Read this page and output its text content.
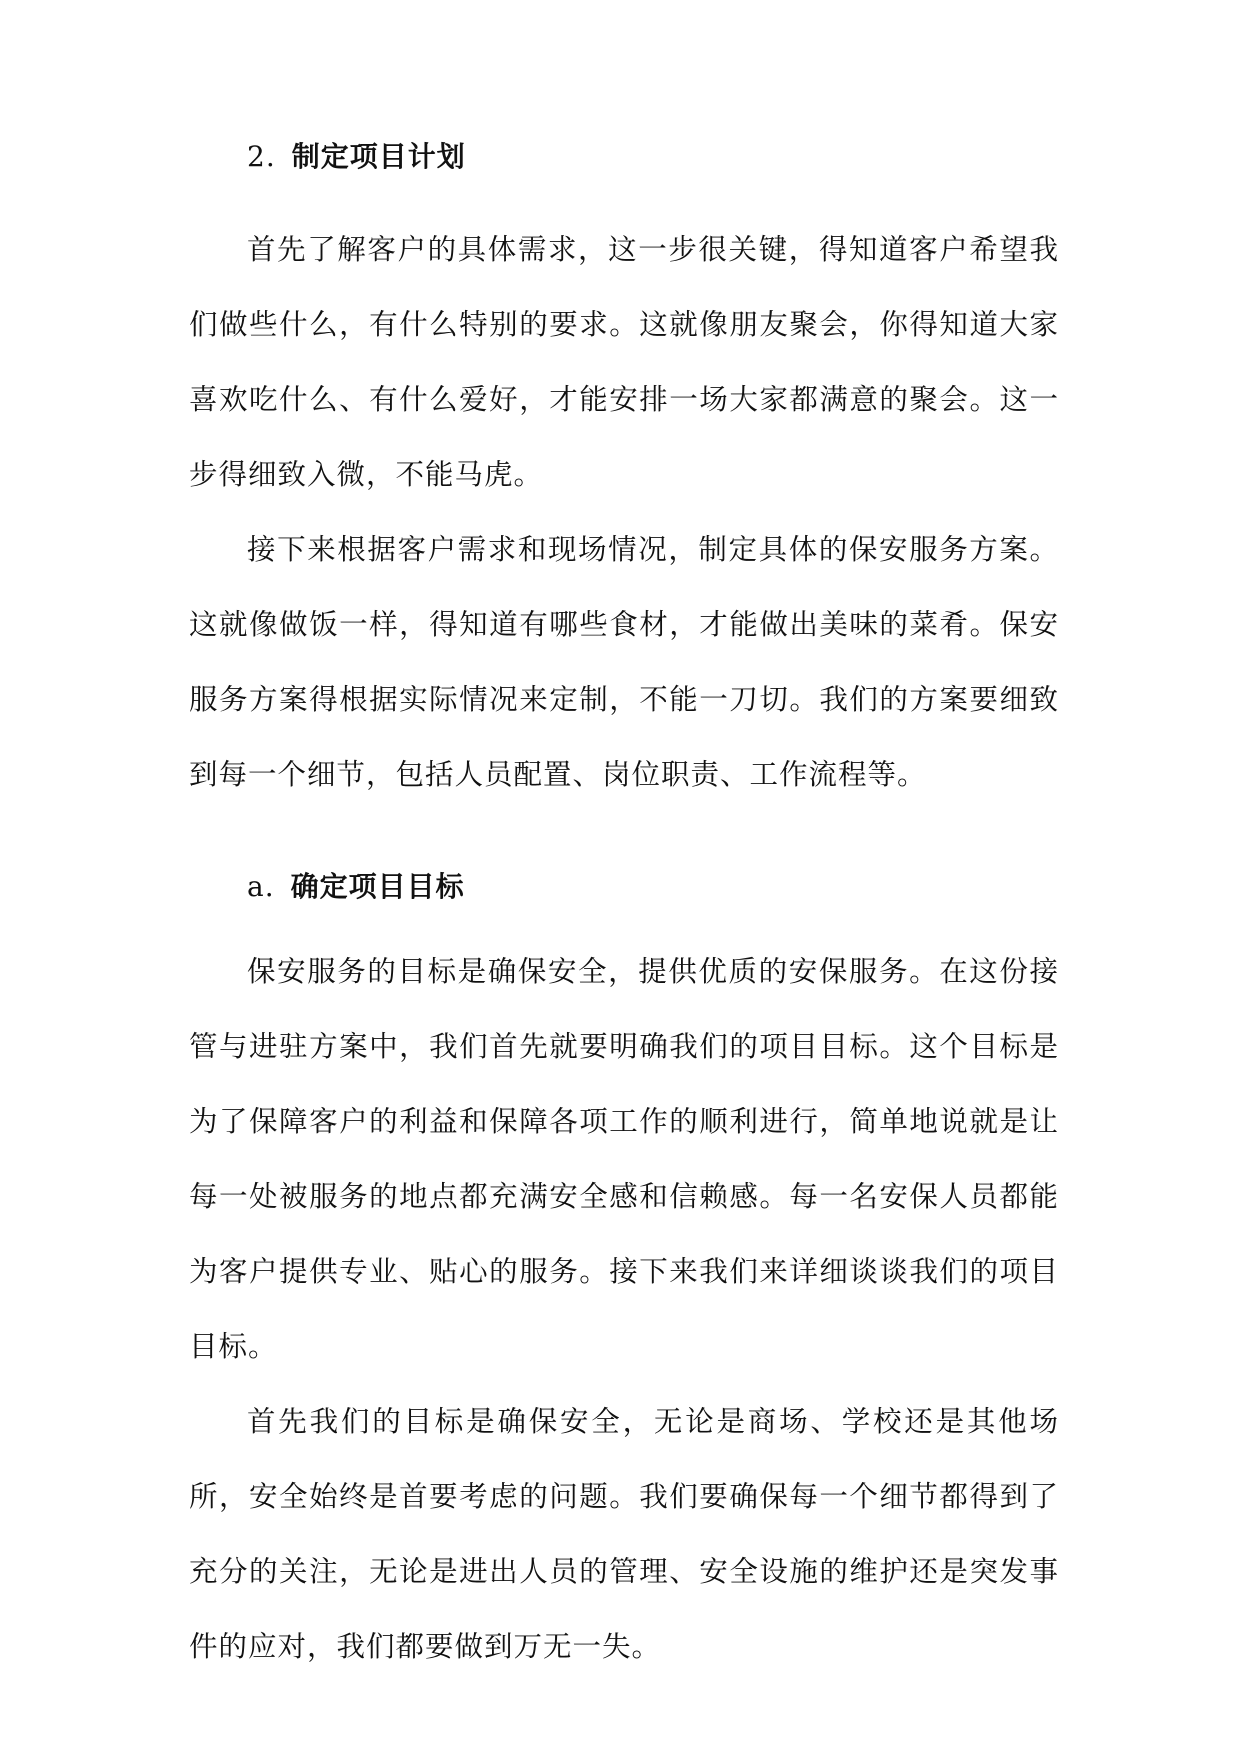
2. 制定项目计划

首先了解客户的具体需求，这一步很关键，得知道客户希望我们做些什么，有什么特别的要求。这就像朋友聚会，你得知道大家喜欢吃什么、有什么爱好，才能安排一场大家都满意的聚会。这一步得细致入微，不能马虎。

接下来根据客户需求和现场情况，制定具体的保安服务方案。这就像做饭一样，得知道有哪些食材，才能做出美味的菜肴。保安服务方案得根据实际情况来定制，不能一刀切。我们的方案要细致到每一个细节，包括人员配置、岗位职责、工作流程等。

a. 确定项目目标

保安服务的目标是确保安全，提供优质的安保服务。在这份接管与进驻方案中，我们首先就要明确我们的项目目标。这个目标是为了保障客户的利益和保障各项工作的顺利进行，简单地说就是让每一处被服务的地点都充满安全感和信赖感。每一名安保人员都能为客户提供专业、贴心的服务。接下来我们来详细谈谈我们的项目目标。

首先我们的目标是确保安全，无论是商场、学校还是其他场所，安全始终是首要考虑的问题。我们要确保每一个细节都得到了充分的关注，无论是进出人员的管理、安全设施的维护还是突发事件的应对，我们都要做到万无一失。
